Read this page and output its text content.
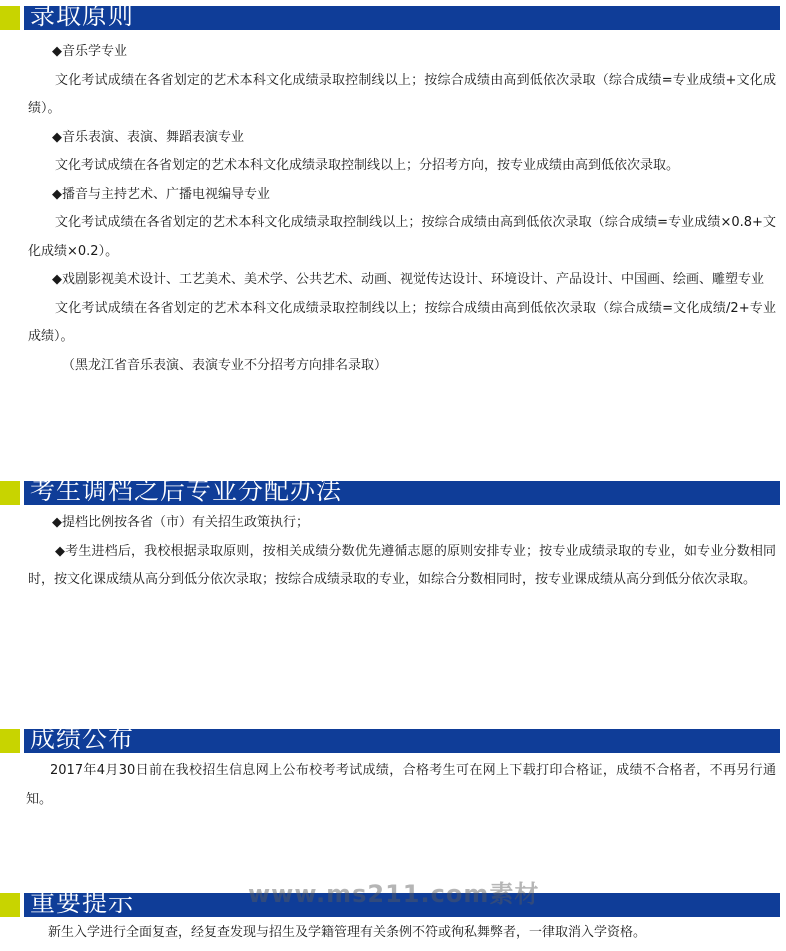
录取原则

◆音乐学专业

文化考试成绩在各省划定的艺术本科文化成绩录取控制线以上；按综合成绩由高到低依次录取（综合成绩=专业成绩+文化成绩）。

◆音乐表演、表演、舞蹈表演专业

文化考试成绩在各省划定的艺术本科文化成绩录取控制线以上；分招考方向，按专业成绩由高到低依次录取。

◆播音与主持艺术、广播电视编导专业

文化考试成绩在各省划定的艺术本科文化成绩录取控制线以上；按综合成绩由高到低依次录取（综合成绩=专业成绩×0.8+文化成绩×0.2）。

◆戏剧影视美术设计、工艺美术、美术学、公共艺术、动画、视觉传达设计、环境设计、产品设计、中国画、绘画、雕塑专业

文化考试成绩在各省划定的艺术本科文化成绩录取控制线以上；按综合成绩由高到低依次录取（综合成绩=文化成绩/2+专业成绩）。

（黑龙江省音乐表演、表演专业不分招考方向排名录取）

考生调档之后专业分配办法

◆提档比例按各省（市）有关招生政策执行；

◆考生进档后，我校根据录取原则，按相关成绩分数优先遵循志愿的原则安排专业；按专业成绩录取的专业，如专业分数相同时，按文化课成绩从高分到低分依次录取；按综合成绩录取的专业，如综合分数相同时，按专业课成绩从高分到低分依次录取。

成绩公布

2017年4月30日前在我校招生信息网上公布校考考试成绩，合格考生可在网上下载打印合格证，成绩不合格者，不再另行通知。

重要提示

新生入学进行全面复查，经复查发现与招生及学籍管理有关条例不符或徇私舞弊者，一律取消入学资格。

www.ms211.com素材
